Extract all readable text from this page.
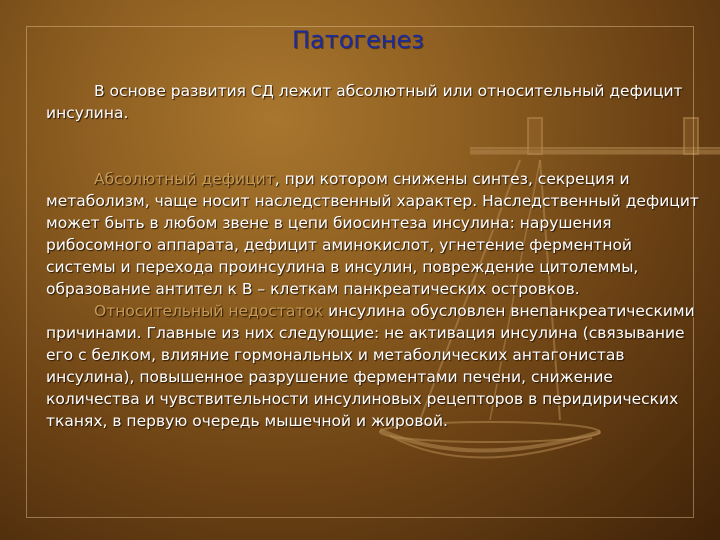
Патогенез

В основе развития СД лежит абсолютный или относительный дефицит инсулина.

Абсолютный дефицит, при котором снижены синтез, секреция и метаболизм, чаще носит наследственный характер. Наследственный дефицит может быть в любом звене в цепи биосинтеза инсулина: нарушения рибосомного аппарата, дефицит аминокислот, угнетение ферментной системы и перехода проинсулина в инсулин, повреждение цитолеммы, образование антител к В – клеткам панкреатических островков.

Относительный недостаток инсулина обусловлен внепанкреатическими причинами. Главные из них следующие: не активация инсулина (связывание его с белком, влияние гормональных и метаболических антагонистав инсулина), повышенное разрушение ферментами печени, снижение количества и чувствительности инсулиновых рецепторов в перидирических тканях, в первую очередь мышечной и жировой.
